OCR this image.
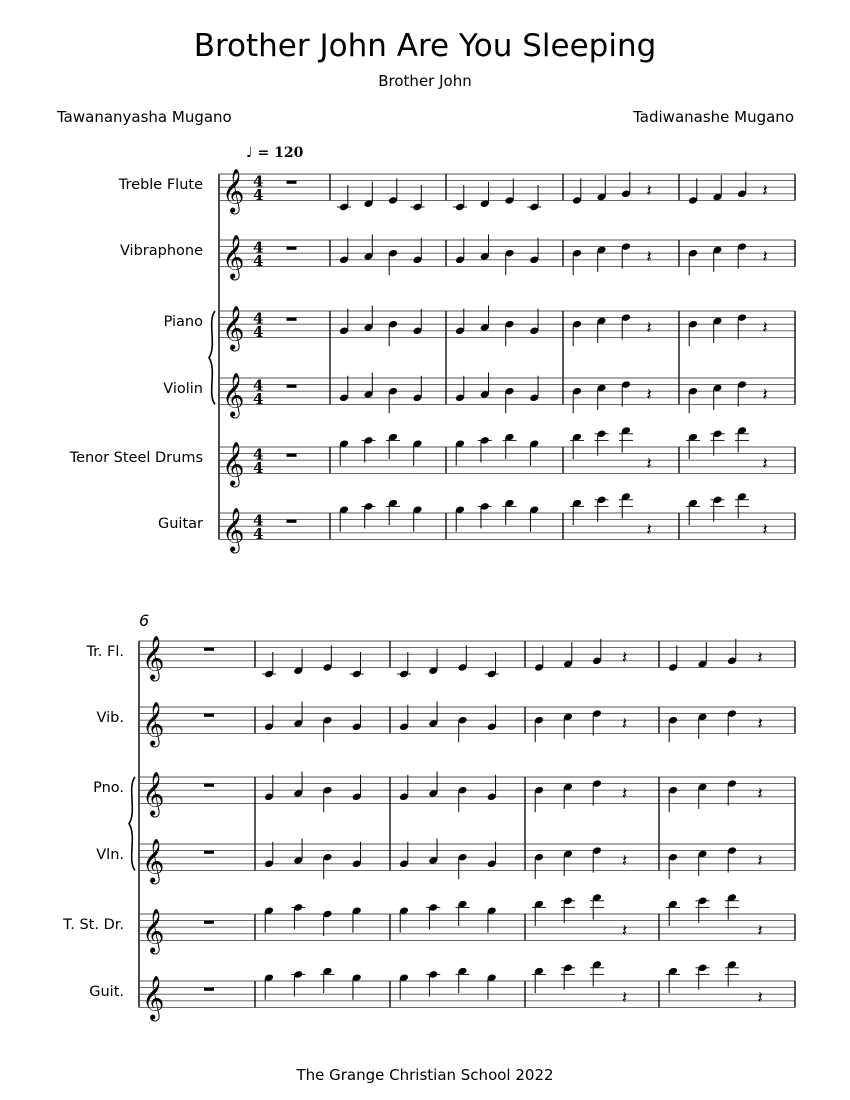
Brother John Are You Sleeping
Brother John
Tawananyasha Mugano	Tadiwanashe Mugano
♩ = 120
6
Treble Flute
Vibraphone
Piano
Violin
Tenor Steel Drums
Guitar
Tr. Fl.
Vib.
Pno.
Vln.
T. St. Dr.
Guit.
𝄞 4
4	𝄽	𝄽
𝄞 4
4	𝄽	𝄽
𝄞 4
4	𝄽	𝄽
𝄞 4
4	𝄽	𝄽
𝄞 4
4	𝄽	𝄽
𝄞 4
4	𝄽	𝄽
𝄞	𝄽	𝄽
𝄞	𝄽	𝄽
𝄞	𝄽	𝄽
𝄞	𝄽	𝄽
𝄞	𝄽	𝄽
𝄞	𝄽	𝄽
The Grange Christian School 2022
